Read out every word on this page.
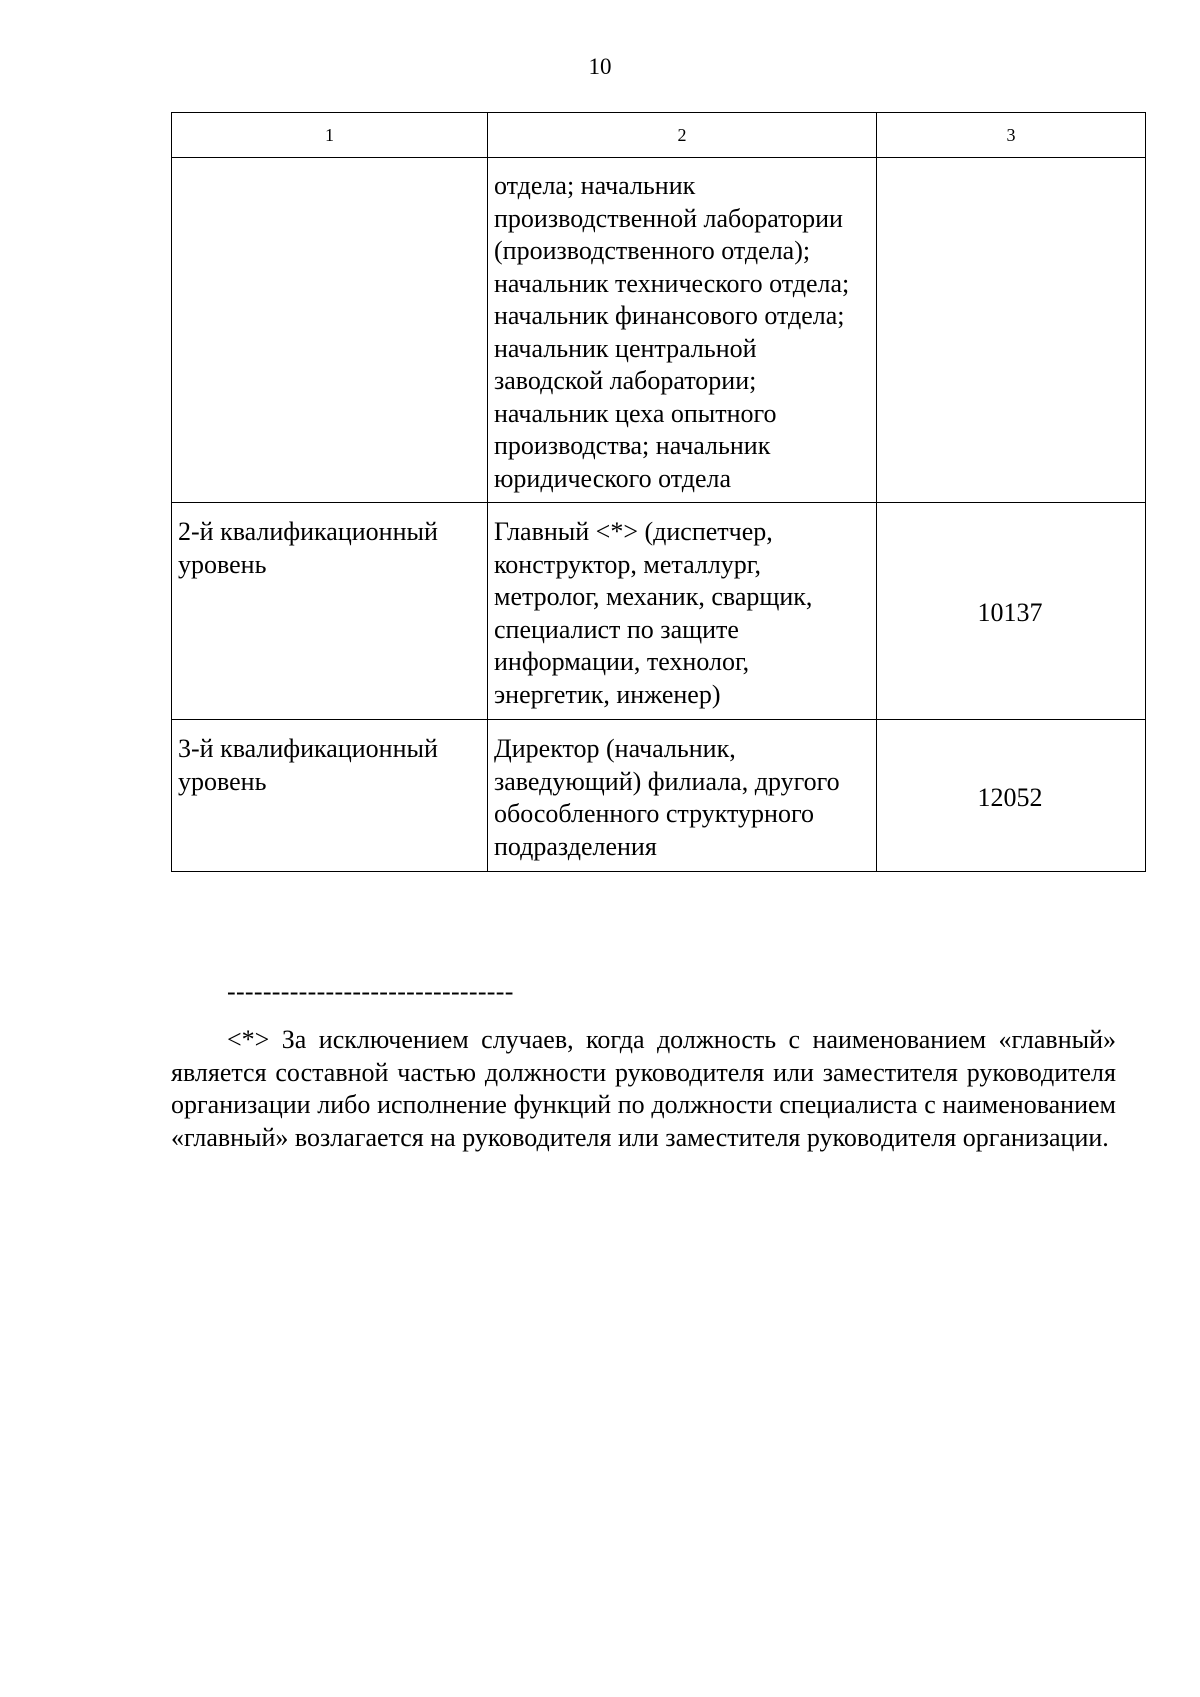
10
1	2	3

	отдела; начальник производственной лаборатории (производственного отдела); начальник технического отдела; начальник финансового отдела; начальник центральной заводской лаборатории; начальник цеха опытного производства; начальник юридического отдела	

2-й квалификационный уровень	Главный <*> (диспетчер, конструктор, металлург, метролог, механик, сварщик, специалист по защите информации, технолог, энергетик, инженер)	10137
3-й квалификационный уровень	Директор (начальник, заведующий) филиала, другого обособленного структурного подразделения	12052
--------------------------------

<*> За исключением случаев, когда должность с наименованием «главный» является составной частью должности руководителя или заместителя руководителя организации либо исполнение функций по должности специалиста с наименованием «главный» возлагается на руководителя или заместителя руководителя организации.
